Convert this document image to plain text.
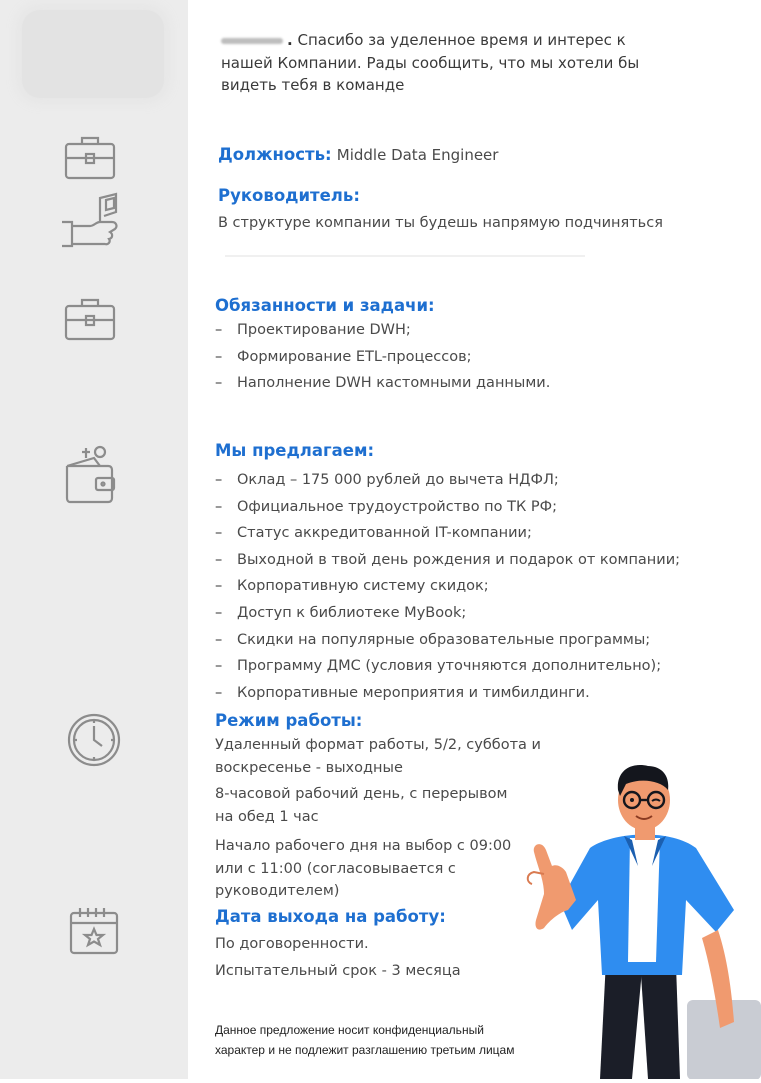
. Спасибо за уделенное время и интерес к
нашей Компании. Рады сообщить, что мы хотели бы
видеть тебя в команде
Должность: Middle Data Engineer
Руководитель:
В структуре компании ты будешь напрямую подчиняться
Обязанности и задачи:
– Проектирование DWH;
– Формирование ETL-процессов;
– Наполнение DWH кастомными данными.
Мы предлагаем:
– Оклад – 175 000 рублей до вычета НДФЛ;
– Официальное трудоустройство по ТК РФ;
– Статус аккредитованной IT-компании;
– Выходной в твой день рождения и подарок от компании;
– Корпоративную систему скидок;
– Доступ к библиотеке MyBook;
– Скидки на популярные образовательные программы;
– Программу ДМС (условия уточняются дополнительно);
– Корпоративные мероприятия и тимбилдинги.
Режим работы:
Удаленный формат работы, 5/2, суббота и
воскресенье - выходные
8-часовой рабочий день, с перерывом
на обед 1 час
Начало рабочего дня на выбор с 09:00
или с 11:00 (согласовывается с
руководителем)
Дата выхода на работу:
По договоренности.
Испытательный срок - 3 месяца
Данное предложение носит конфиденциальный
характер и не подлежит разглашению третьим лицам
